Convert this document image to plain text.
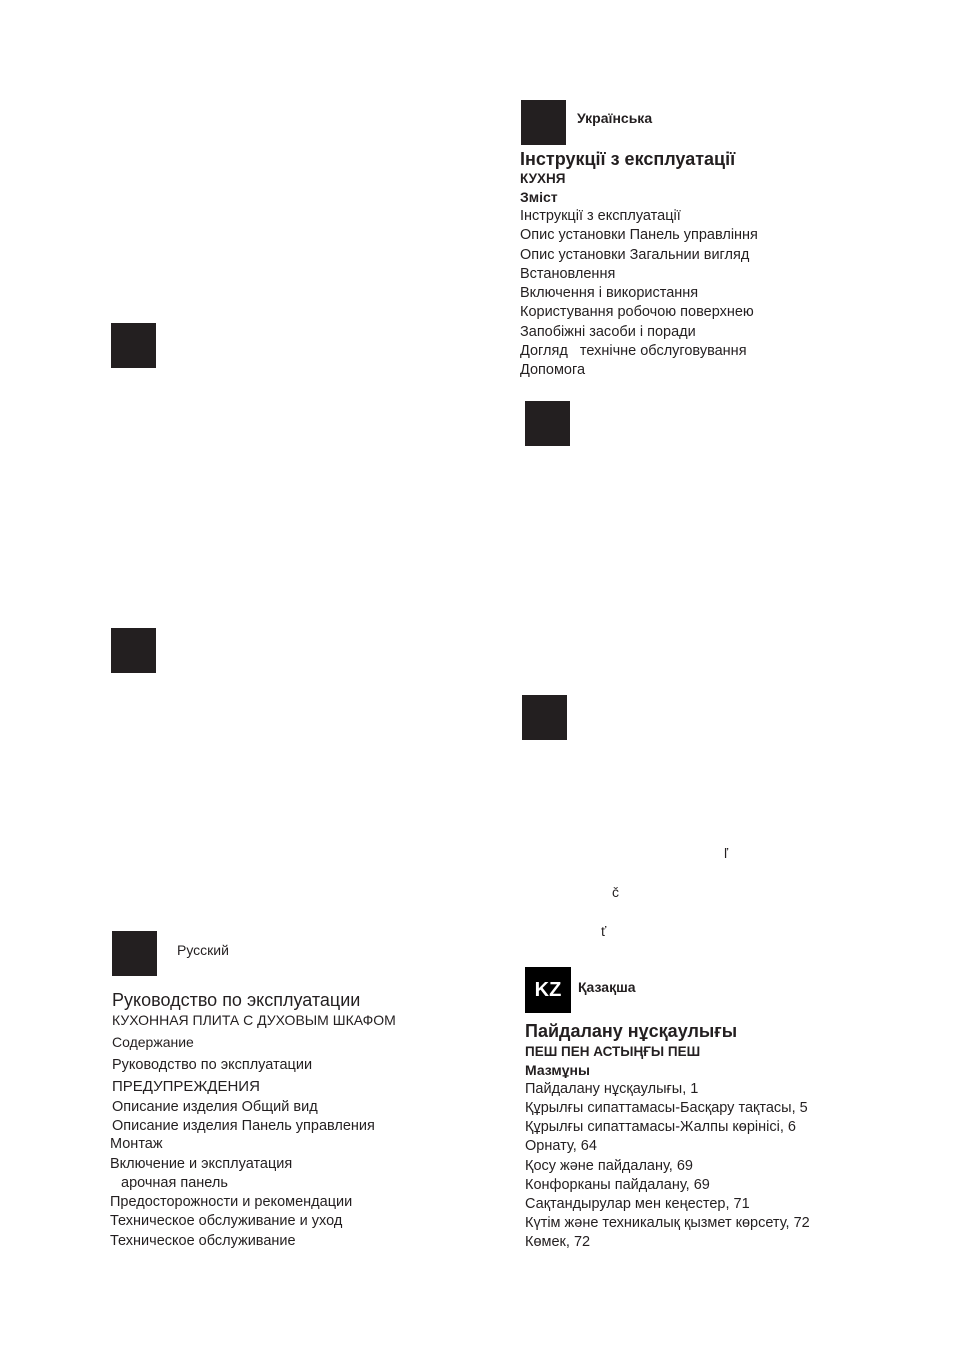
Українська
Інструкції з експлуатації
КУХНЯ
Зміст
Інструкції з експлуатації
Опис установки Панель управління
Опис установки Загальнии вигляд
Встановлення
Включення і використання
Користування робочою поверхнею
Запобіжні засоби і поради
Догляд   технічне обслуговування
Допомога
ľ
č
ť
Русский
Руководство по эксплуатации
КУХОННАЯ ПЛИТА С ДУХОВЫМ ШКАФОМ
Содержание
Руководство по эксплуатации
ПРЕДУПРЕЖДЕНИЯ
Описание изделия Общий вид
Описание изделия Панель управления
Монтаж
Включение и эксплуатация
арочная панель
Предосторожности и рекомендации
Техническое обслуживание и уход
Техническое обслуживание
KZ	Қазақша
Пайдалану нұсқаулығы
ПЕШ ПЕН АСТЫҢҒЫ ПЕШ
Мазмұны
Пайдалану нұсқаулығы, 1
Құрылғы сипаттамасы-Басқару тақтасы, 5
Құрылғы сипаттамасы-Жалпы көрінісі, 6
Орнату, 64
Қосу және пайдалану, 69
Конфорканы пайдалану, 69
Сақтандырулар мен кеңестер, 71
Күтім және техникалық қызмет көрсету, 72
Көмек, 72
